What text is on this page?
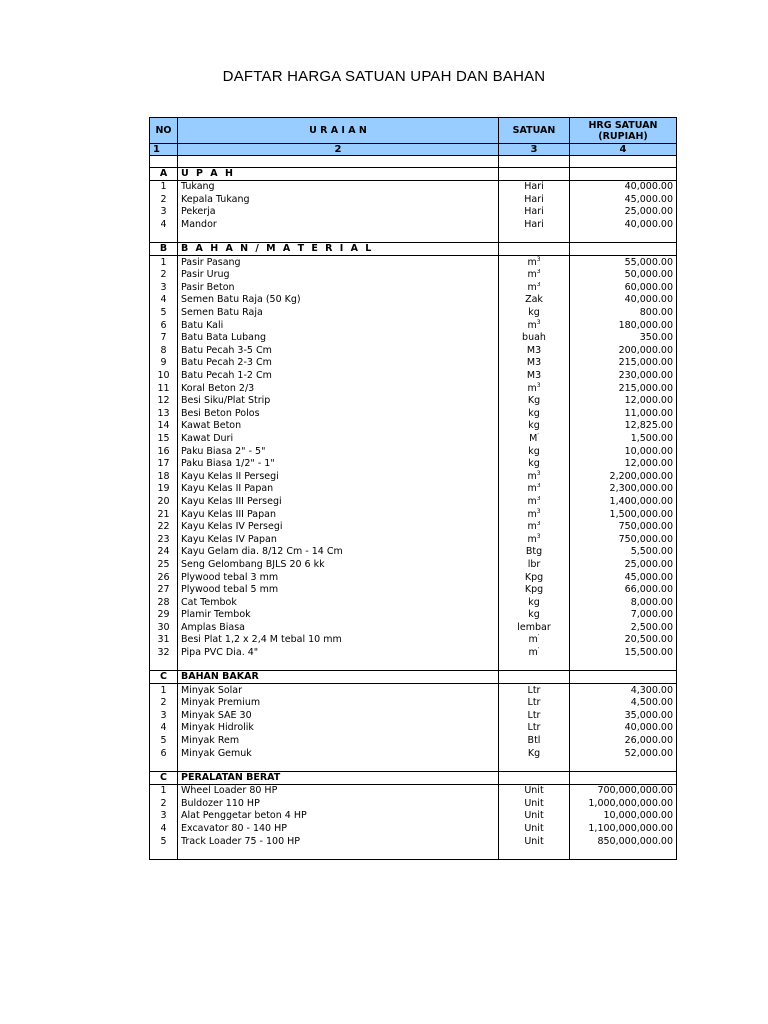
DAFTAR HARGA SATUAN UPAH DAN BAHAN
NO	U R A I A N	SATUAN	HRG SATUAN
(RUPIAH)
1	2	3	4

A	U P A H		
1	Tukang	Hari	40,000.00
2	Kepala Tukang	Hari	45,000.00
3	Pekerja	Hari	25,000.00
4	Mandor	Hari	40,000.00

B	B A H A N / M A T E R I A L		
1	Pasir Pasang	$m^3$	55,000.00
2	Pasir Urug	$m^3$	50,000.00
3	Pasir Beton	$m^3$	60,000.00
4	Semen Batu Raja (50 Kg)	Zak	40,000.00
5	Semen Batu Raja	kg	800.00
6	Batu Kali	$m^3$	180,000.00
7	Batu Bata Lubang	buah	350.00
8	Batu Pecah 3-5 Cm	M3	200,000.00
9	Batu Pecah 2-3 Cm	M3	215,000.00
10	Batu Pecah 1-2 Cm	M3	230,000.00
11	Koral Beton 2/3	$m^3$	215,000.00
12	Besi Siku/Plat Strip	Kg	12,000.00
13	Besi Beton Polos	kg	11,000.00
14	Kawat Beton	kg	12,825.00
15	Kawat Duri	M'	1,500.00
16	Paku Biasa 2" - 5"	kg	10,000.00
17	Paku Biasa 1/2" - 1"	kg	12,000.00
18	Kayu Kelas II Persegi	$m^3$	2,200,000.00
19	Kayu Kelas II Papan	$m^3$	2,300,000.00
20	Kayu Kelas III Persegi	$m^3$	1,400,000.00
21	Kayu Kelas III Papan	$m^3$	1,500,000.00
22	Kayu Kelas IV Persegi	$m^3$	750,000.00
23	Kayu Kelas IV Papan	$m^3$	750,000.00
24	Kayu Gelam dia. 8/12 Cm - 14 Cm	Btg	5,500.00
25	Seng Gelombang BJLS 20 6 kk	lbr	25,000.00
26	Plywood tebal 3 mm	Kpg	45,000.00
27	Plywood tebal 5 mm	Kpg	66,000.00
28	Cat Tembok	kg	8,000.00
29	Plamir Tembok	kg	7,000.00
30	Amplas Biasa	lembar	2,500.00
31	Besi Plat 1,2 x 2,4 M tebal 10 mm	m'	20,500.00
32	Pipa PVC Dia. 4"	m'	15,500.00

C	BAHAN BAKAR		
1	Minyak Solar	Ltr	4,300.00
2	Minyak Premium	Ltr	4,500.00
3	Minyak SAE 30	Ltr	35,000.00
4	Minyak Hidrolik	Ltr	40,000.00
5	Minyak Rem	Btl	26,000.00
6	Minyak Gemuk	Kg	52,000.00

C	PERALATAN BERAT		
1	Wheel Loader 80 HP	Unit	700,000,000.00
2	Buldozer 110 HP	Unit	1,000,000,000.00
3	Alat Penggetar beton 4 HP	Unit	10,000,000.00
4	Excavator 80 - 140 HP	Unit	1,100,000,000.00
5	Track Loader 75 - 100 HP	Unit	850,000,000.00
